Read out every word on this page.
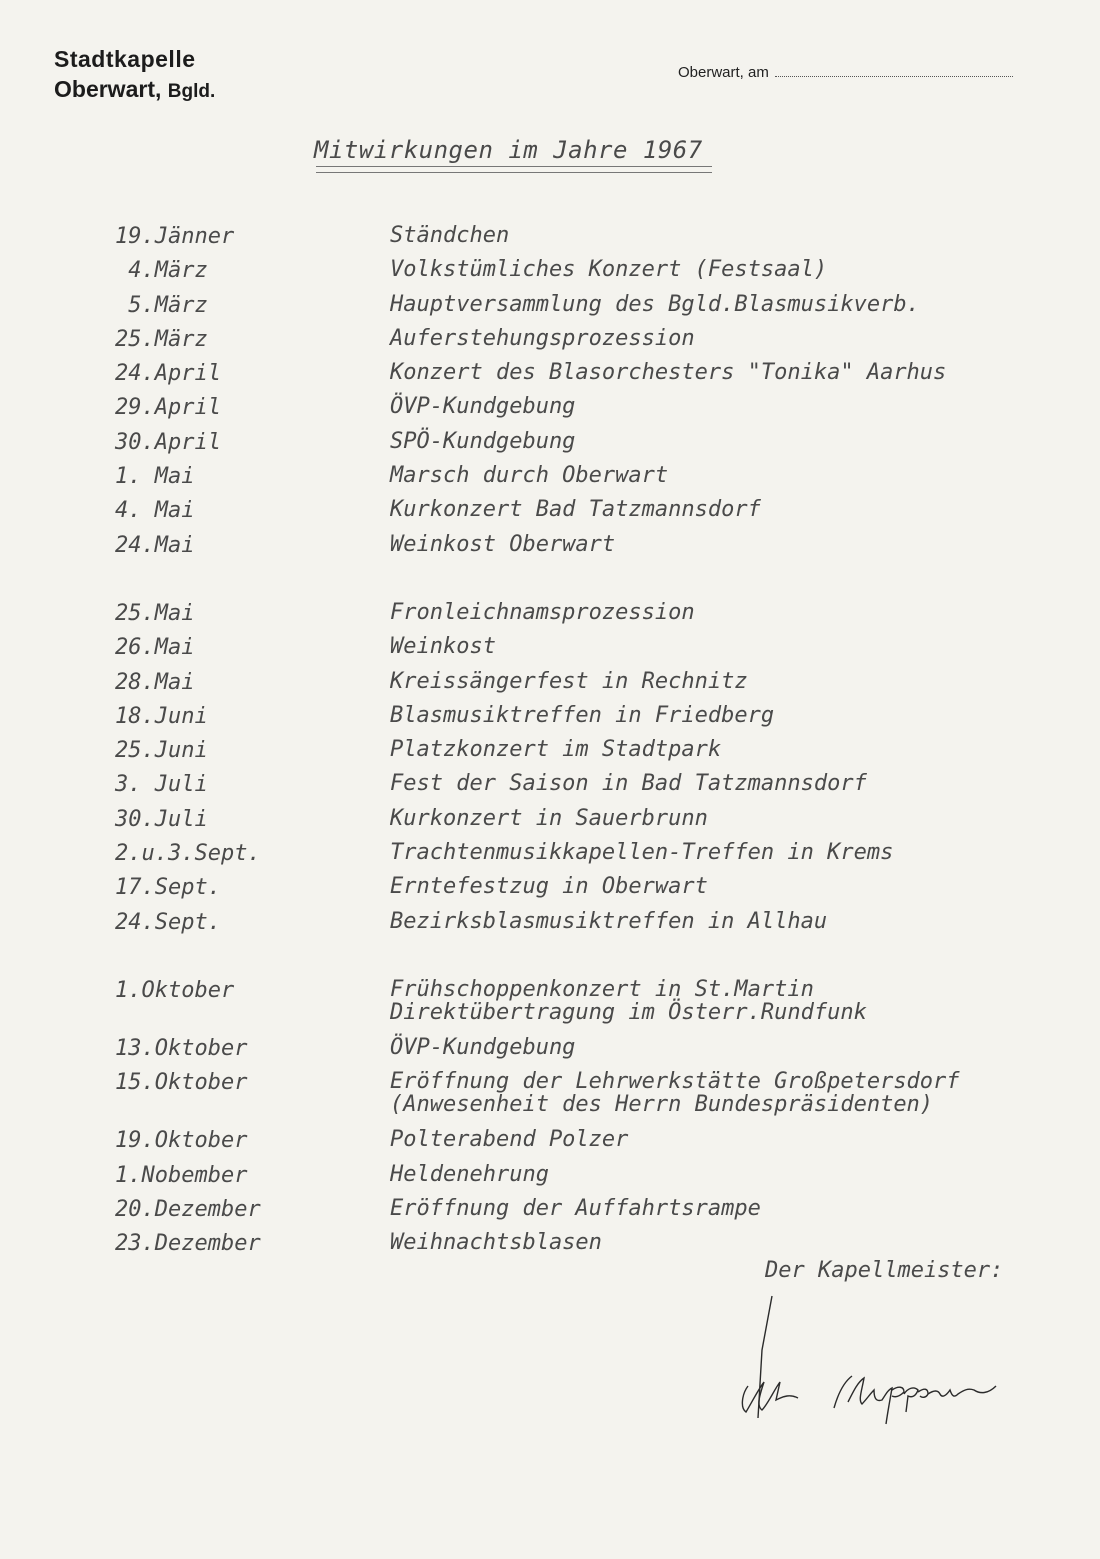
Stadtkapelle
Oberwart, Bgld.
Oberwart, am
Mitwirkungen im Jahre 1967
19.Jänner	Ständchen
4.März	Volkstümliches Konzert (Festsaal)
5.März	Hauptversammlung des Bgld.Blasmusikverb.
25.März	Auferstehungsprozession
24.April	Konzert des Blasorchesters "Tonika" Aarhus
29.April	ÖVP-Kundgebung
30.April	SPÖ-Kundgebung
1. Mai	Marsch durch Oberwart
4. Mai	Kurkonzert Bad Tatzmannsdorf
24.Mai	Weinkost Oberwart
25.Mai	Fronleichnamsprozession
26.Mai	Weinkost
28.Mai	Kreissängerfest in Rechnitz
18.Juni	Blasmusiktreffen in Friedberg
25.Juni	Platzkonzert im Stadtpark
3. Juli	Fest der Saison in Bad Tatzmannsdorf
30.Juli	Kurkonzert in Sauerbrunn
2.u.3.Sept.	Trachtenmusikkapellen-Treffen in Krems
17.Sept.	Erntefestzug in Oberwart
24.Sept.	Bezirksblasmusiktreffen in Allhau
1.Oktober	Frühschoppenkonzert in St.Martin
Direktübertragung im Österr.Rundfunk
13.Oktober	ÖVP-Kundgebung
15.Oktober	Eröffnung der Lehrwerkstätte Großpetersdorf
(Anwesenheit des Herrn Bundespräsidenten)
19.Oktober	Polterabend Polzer
1.Nobember	Heldenehrung
20.Dezember	Eröffnung der Auffahrtsrampe
23.Dezember	Weihnachtsblasen
Der Kapellmeister:
